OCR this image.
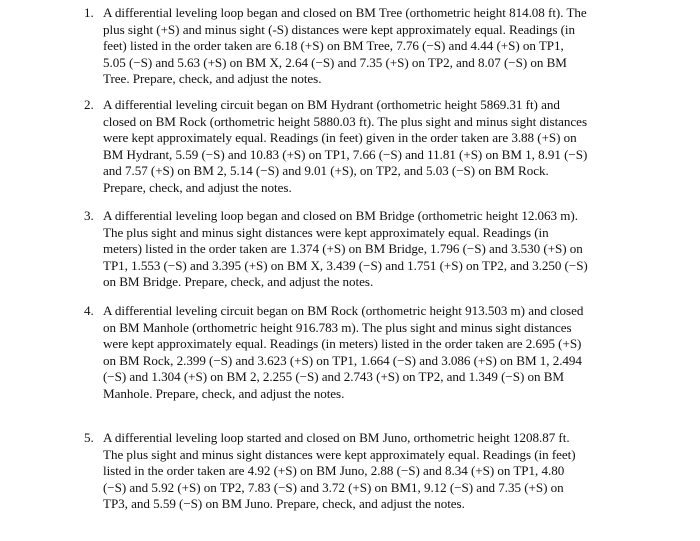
1. A differential leveling loop began and closed on BM Tree (orthometric height 814.08 ft). The
plus sight (+S) and minus sight (-S) distances were kept approximately equal. Readings (in
feet) listed in the order taken are 6.18 (+S) on BM Tree, 7.76 (−S) and 4.44 (+S) on TP1,
5.05 (−S) and 5.63 (+S) on BM X, 2.64 (−S) and 7.35 (+S) on TP2, and 8.07 (−S) on BM
Tree. Prepare, check, and adjust the notes.
2. A differential leveling circuit began on BM Hydrant (orthometric height 5869.31 ft) and
closed on BM Rock (orthometric height 5880.03 ft). The plus sight and minus sight distances
were kept approximately equal. Readings (in feet) given in the order taken are 3.88 (+S) on
BM Hydrant, 5.59 (−S) and 10.83 (+S) on TP1, 7.66 (−S) and 11.81 (+S) on BM 1, 8.91 (−S)
and 7.57 (+S) on BM 2, 5.14 (−S) and 9.01 (+S), on TP2, and 5.03 (−S) on BM Rock.
Prepare, check, and adjust the notes.
3. A differential leveling loop began and closed on BM Bridge (orthometric height 12.063 m).
The plus sight and minus sight distances were kept approximately equal. Readings (in
meters) listed in the order taken are 1.374 (+S) on BM Bridge, 1.796 (−S) and 3.530 (+S) on
TP1, 1.553 (−S) and 3.395 (+S) on BM X, 3.439 (−S) and 1.751 (+S) on TP2, and 3.250 (−S)
on BM Bridge. Prepare, check, and adjust the notes.
4. A differential leveling circuit began on BM Rock (orthometric height 913.503 m) and closed
on BM Manhole (orthometric height 916.783 m). The plus sight and minus sight distances
were kept approximately equal. Readings (in meters) listed in the order taken are 2.695 (+S)
on BM Rock, 2.399 (−S) and 3.623 (+S) on TP1, 1.664 (−S) and 3.086 (+S) on BM 1, 2.494
(−S) and 1.304 (+S) on BM 2, 2.255 (−S) and 2.743 (+S) on TP2, and 1.349 (−S) on BM
Manhole. Prepare, check, and adjust the notes.
5. A differential leveling loop started and closed on BM Juno, orthometric height 1208.87 ft.
The plus sight and minus sight distances were kept approximately equal. Readings (in feet)
listed in the order taken are 4.92 (+S) on BM Juno, 2.88 (−S) and 8.34 (+S) on TP1, 4.80
(−S) and 5.92 (+S) on TP2, 7.83 (−S) and 3.72 (+S) on BM1, 9.12 (−S) and 7.35 (+S) on
TP3, and 5.59 (−S) on BM Juno. Prepare, check, and adjust the notes.
